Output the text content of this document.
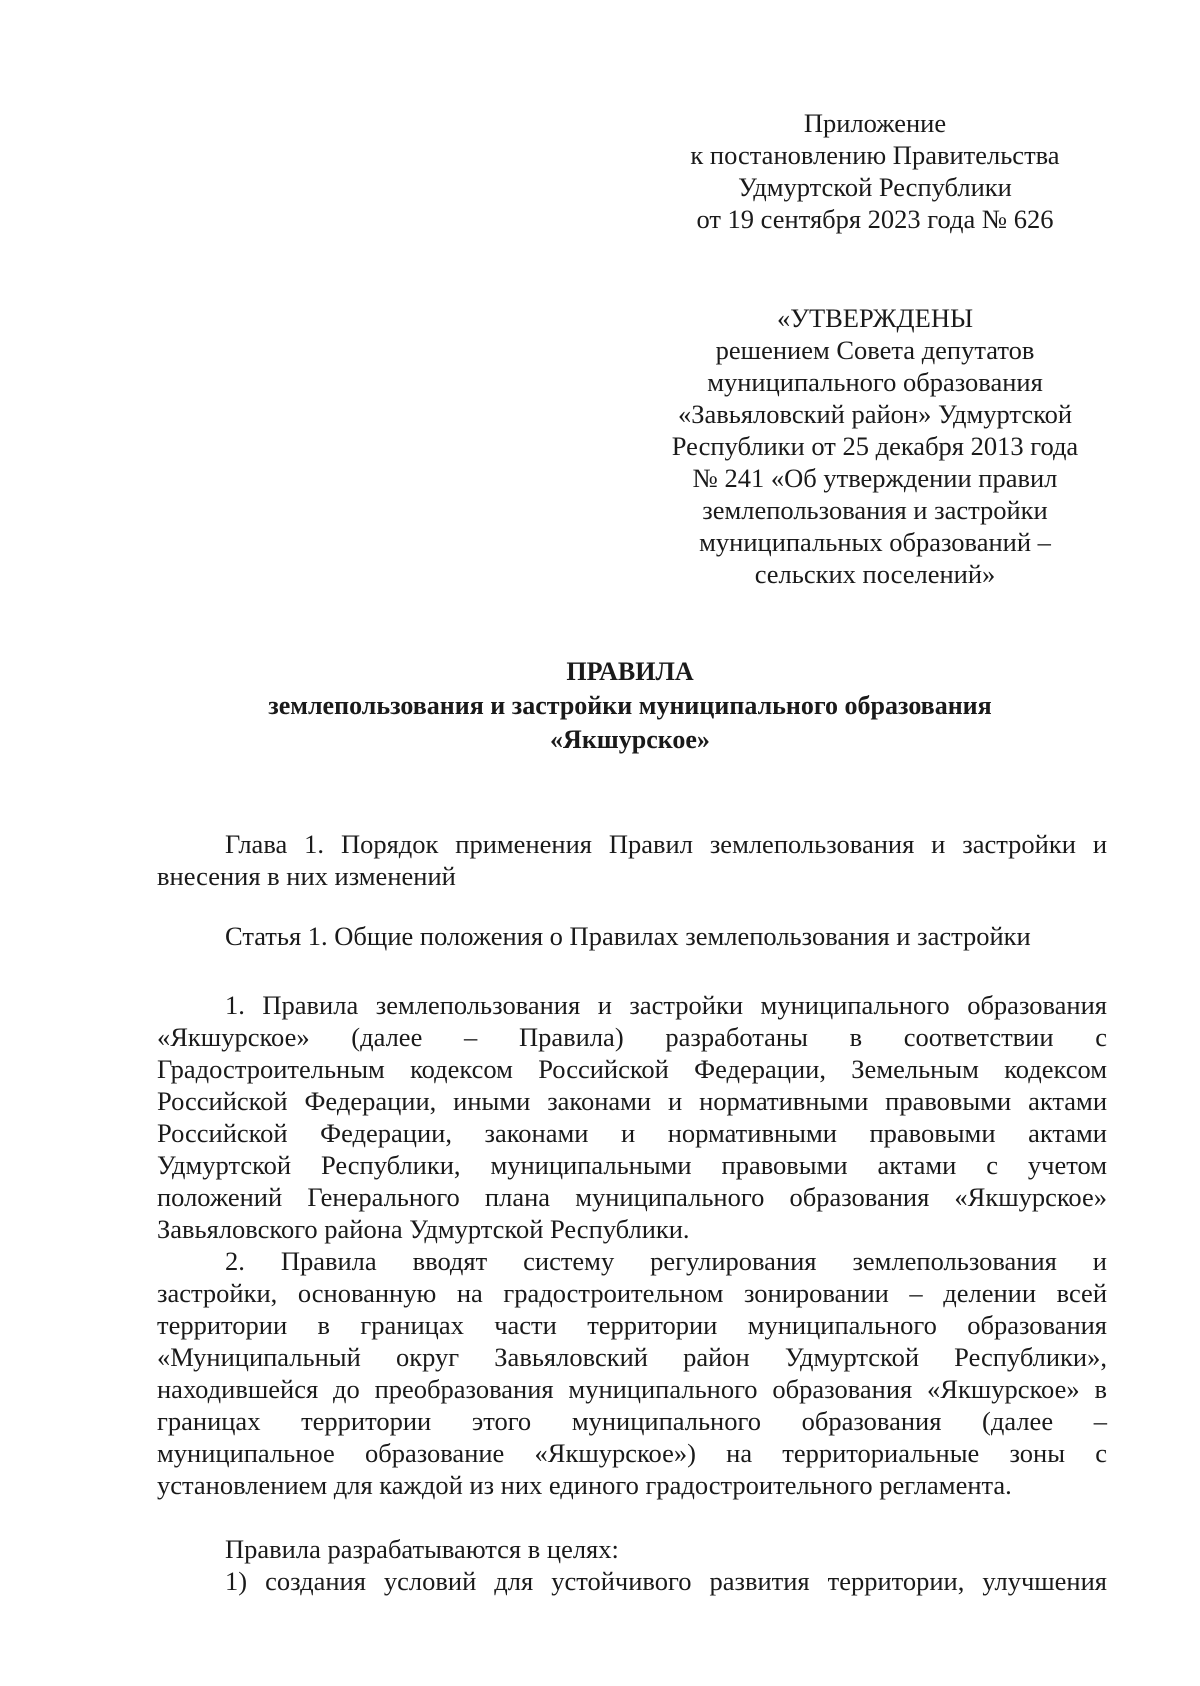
Приложение
к постановлению Правительства
Удмуртской Республики
от 19 сентября 2023 года № 626
«УТВЕРЖДЕНЫ
решением Совета депутатов
муниципального образования
«Завьяловский район» Удмуртской
Республики от 25 декабря 2013 года
№ 241 «Об утверждении правил
землепользования и застройки
муниципальных образований –
сельских поселений»
ПРАВИЛА
землепользования и застройки муниципального образования
«Якшурское»
Глава 1. Порядок применения Правил землепользования и застройки и
внесения в них изменений
Статья 1. Общие положения о Правилах землепользования и застройки
1. Правила землепользования и застройки муниципального образования
«Якшурское» (далее – Правила) разработаны в соответствии с
Градостроительным кодексом Российской Федерации, Земельным кодексом
Российской Федерации, иными законами и нормативными правовыми актами
Российской Федерации, законами и нормативными правовыми актами
Удмуртской Республики, муниципальными правовыми актами с учетом
положений Генерального плана муниципального образования «Якшурское»
Завьяловского района Удмуртской Республики.
2. Правила вводят систему регулирования землепользования и
застройки, основанную на градостроительном зонировании – делении всей
территории в границах части территории муниципального образования
«Муниципальный округ Завьяловский район Удмуртской Республики»,
находившейся до преобразования муниципального образования «Якшурское» в
границах территории этого муниципального образования (далее –
муниципальное образование «Якшурское») на территориальные зоны с
установлением для каждой из них единого градостроительного регламента.
Правила разрабатываются в целях:
1) создания условий для устойчивого развития территории, улучшения
